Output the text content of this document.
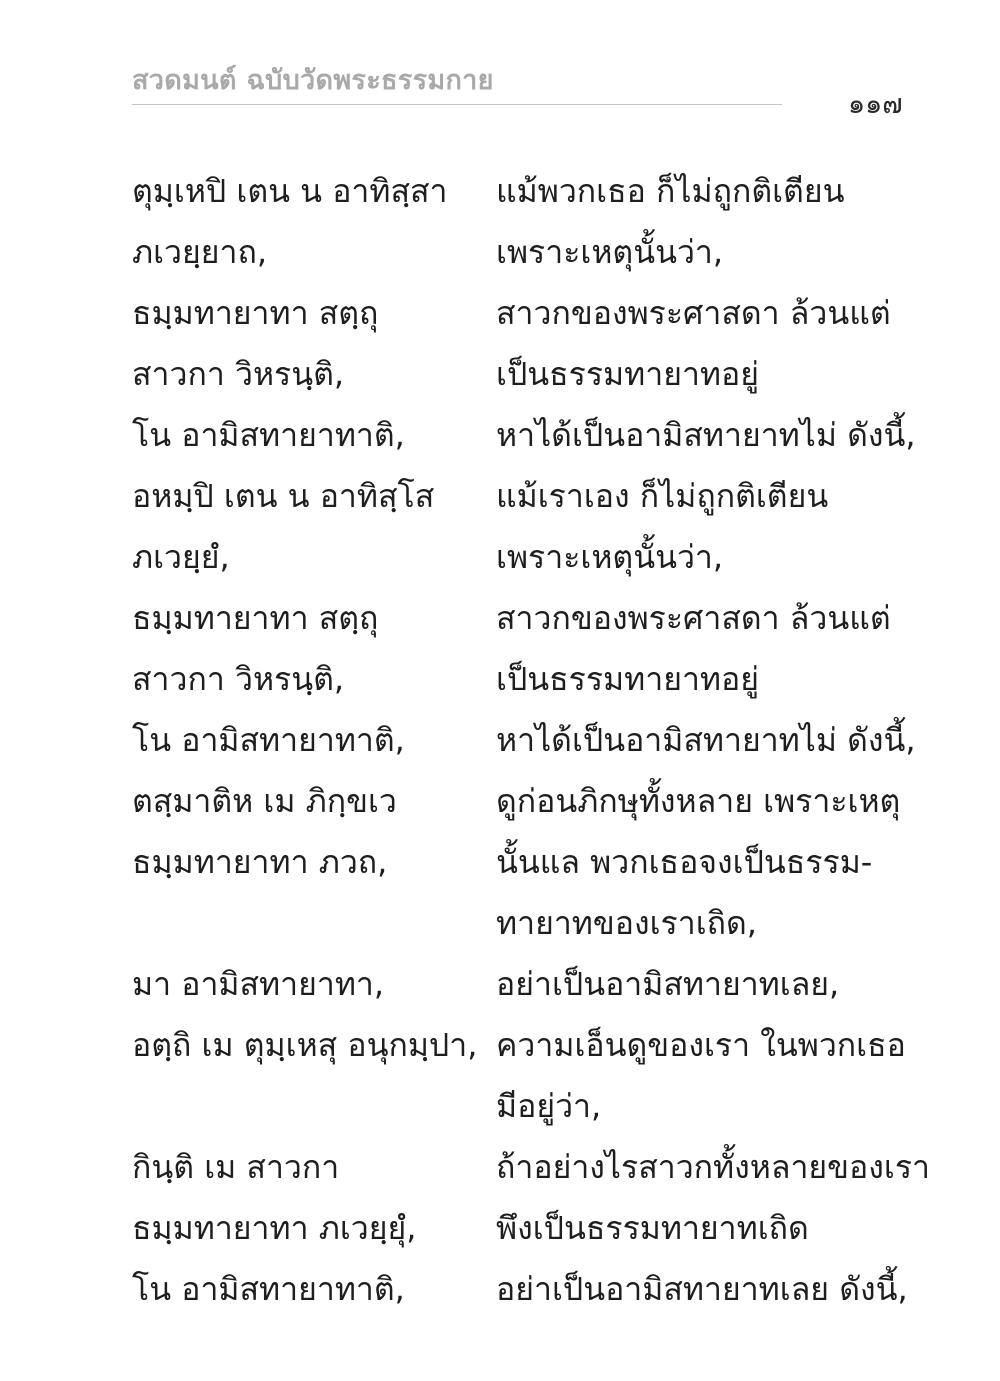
สวดมนต์ ฉบับวัดพระธรรมกาย
๑๑๗
ตุมฺเหปิ เตน น อาทิสฺสา	แม้พวกเธอ ก็ไม่ถูกติเตียน
ภเวยฺยาถ,	เพราะเหตุนั้นว่า,
ธมฺมทายาทา สตฺถุ	สาวกของพระศาสดา ล้วนแต่
สาวกา วิหรนฺติ,	เป็นธรรมทายาทอยู่
โน อามิสทายาทาติ,	หาได้เป็นอามิสทายาทไม่ ดังนี้,
อหมฺปิ เตน น อาทิสฺโส	แม้เราเอง ก็ไม่ถูกติเตียน
ภเวยฺยํ,	เพราะเหตุนั้นว่า,
ธมฺมทายาทา สตฺถุ	สาวกของพระศาสดา ล้วนแต่
สาวกา วิหรนฺติ,	เป็นธรรมทายาทอยู่
โน อามิสทายาทาติ,	หาได้เป็นอามิสทายาทไม่ ดังนี้,
ตสฺมาติห เม ภิกฺขเว	ดูก่อนภิกษุทั้งหลาย เพราะเหตุ
ธมฺมทายาทา ภวถ,	นั้นแล พวกเธอจงเป็นธรรม-
ทายาทของเราเถิด,
มา อามิสทายาทา,	อย่าเป็นอามิสทายาทเลย,
อตฺถิ เม ตุมฺเหสุ อนุกมฺปา, ความเอ็นดูของเรา ในพวกเธอ
มีอยู่ว่า,
กินฺติ เม สาวกา	ถ้าอย่างไรสาวกทั้งหลายของเรา
ธมฺมทายาทา ภเวยฺยุํ,	พึงเป็นธรรมทายาทเถิด
โน อามิสทายาทาติ,	อย่าเป็นอามิสทายาทเลย ดังนี้,
